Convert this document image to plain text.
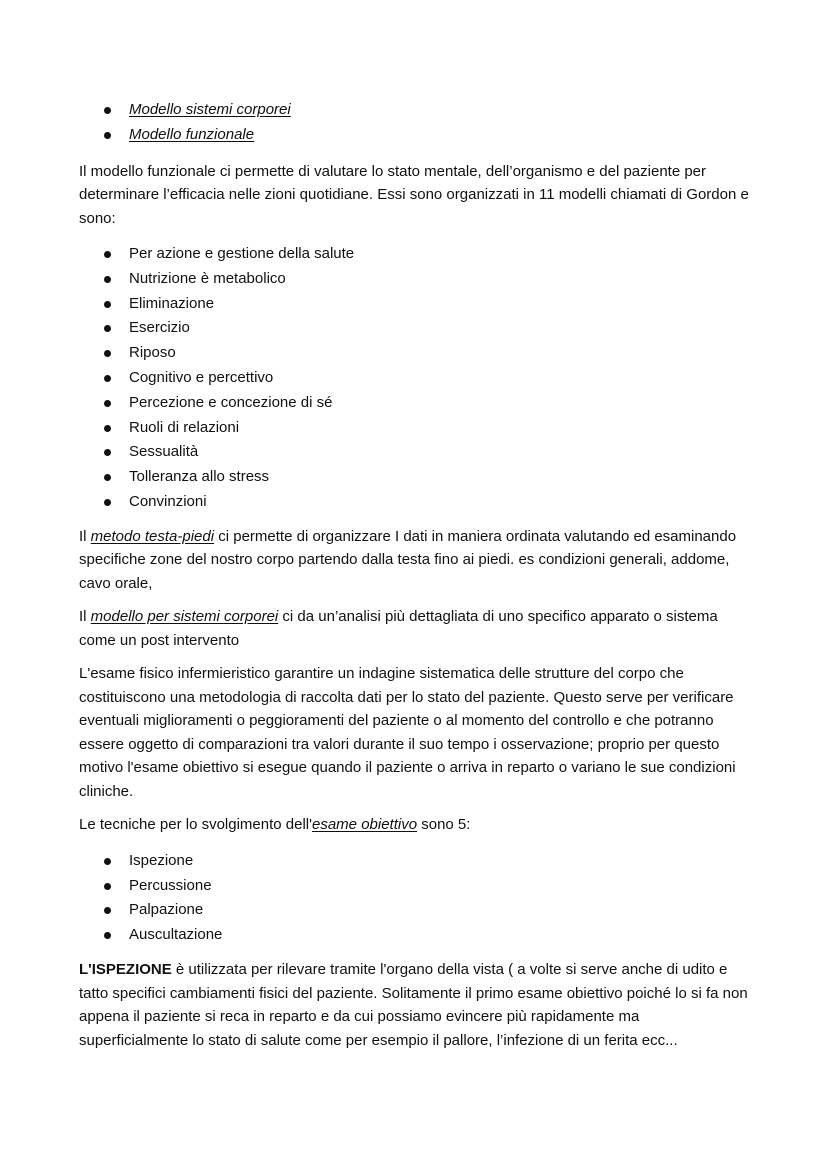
Modello sistemi corporei
Modello funzionale

Il modello funzionale ci permette di valutare lo stato mentale, dell’organismo e del paziente per determinare l’efficacia nelle zioni quotidiane. Essi sono organizzati in 11 modelli chiamati di Gordon e sono:

Per azione e gestione della salute
Nutrizione è metabolico
Eliminazione
Esercizio
Riposo
Cognitivo e percettivo
Percezione e concezione di sé
Ruoli di relazioni
Sessualità
Tolleranza allo stress
Convinzioni

Il metodo testa-piedi ci permette di organizzare I dati in maniera ordinata valutando ed esaminando specifiche zone del nostro corpo partendo dalla testa fino ai piedi. es condizioni generali, addome, cavo orale,

Il modello per sistemi corporei ci da un’analisi più dettagliata di uno specifico apparato o sistema come un post intervento

L'esame fisico infermieristico garantire un indagine sistematica delle strutture del corpo che costituiscono una metodologia di raccolta dati per lo stato del paziente. Questo serve per verificare eventuali miglioramenti o peggioramenti del paziente o al momento del controllo e che potranno essere oggetto di comparazioni tra valori durante il suo tempo i osservazione; proprio per questo motivo l'esame obiettivo si esegue quando il paziente o arriva in reparto o variano le sue condizioni cliniche.

Le tecniche per lo svolgimento dell'esame obiettivo sono 5:

Ispezione
Percussione
Palpazione
Auscultazione

L'ISPEZIONE è utilizzata per rilevare tramite l'organo della vista ( a volte si serve anche di udito e tatto specifici cambiamenti fisici del paziente. Solitamente il primo esame obiettivo poiché lo si fa non appena il paziente si reca in reparto e da cui possiamo evincere più rapidamente ma superficialmente lo stato di salute come per esempio il pallore, l’infezione di un ferita ecc...
